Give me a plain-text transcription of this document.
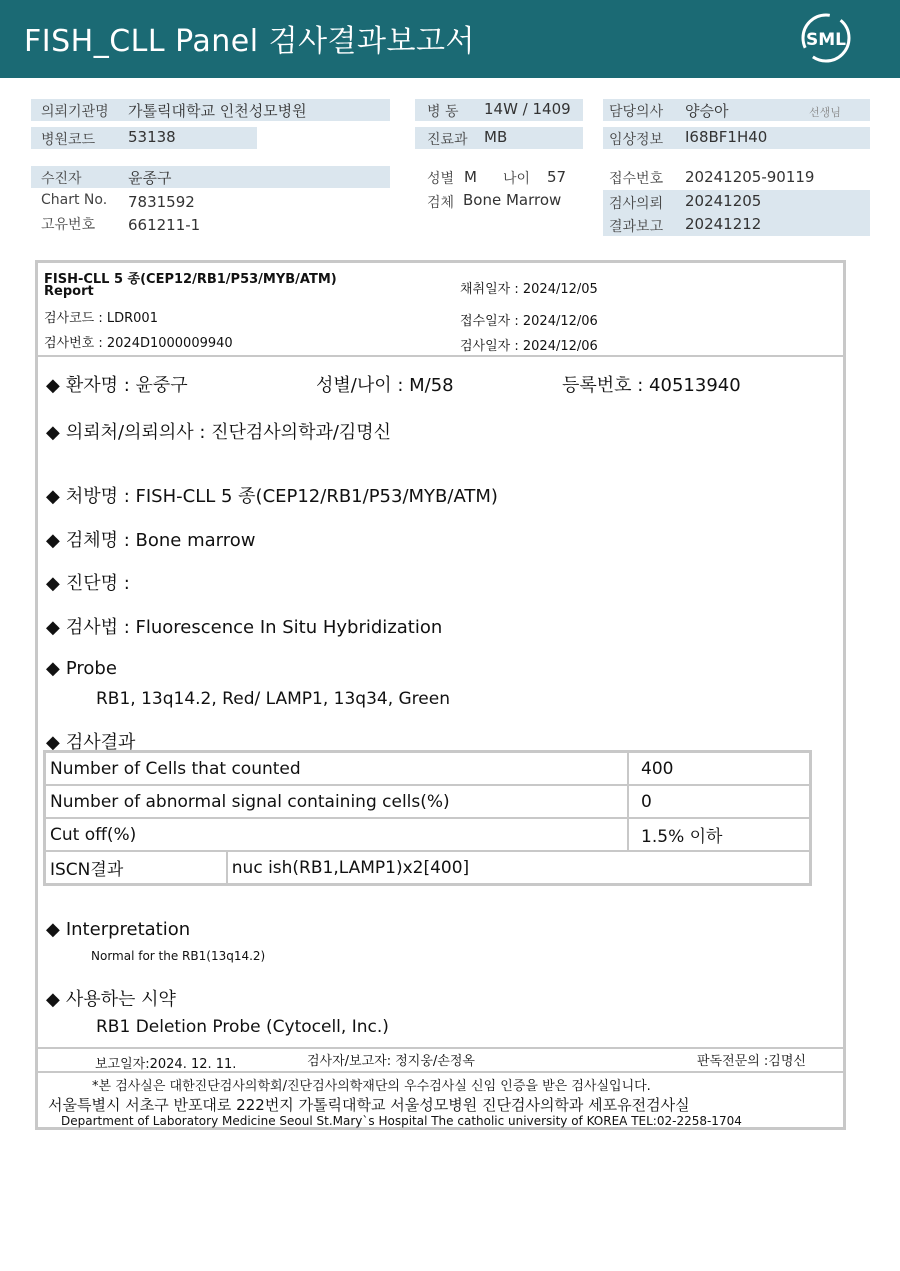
FISH_CLL Panel 검사결과보고서	SML
의뢰기관명 가톨릭대학교 인천성모병원
병원코드 53138
병 동 14W / 1409
진료과 MB
담당의사 양승아	선생님
임상정보 I68BF1H40
수진자	윤종구
Chart No. 7831592
고유번호 661211-1
성별 M 나이 57
검체 Bone Marrow
접수번호 20241205-90119
검사의뢰 20241205
결과보고 20241212
FISH-CLL 5 종(CEP12/RB1/P53/MYB/ATM)
Report
검사코드 : LDR001
검사번호 : 2024D1000009940
채취일자 : 2024/12/05
접수일자 : 2024/12/06
검사일자 : 2024/12/06
◆ 환자명 : 윤중구	성별/나이 : M/58	등록번호 : 40513940
◆ 의뢰처/의뢰의사 : 진단검사의학과/김명신
◆ 처방명 : FISH-CLL 5 종(CEP12/RB1/P53/MYB/ATM)
◆ 검체명 : Bone marrow
◆ 진단명 :
◆ 검사법 : Fluorescence In Situ Hybridization
◆ Probe
RB1, 13q14.2, Red/ LAMP1, 13q34, Green
◆ 검사결과
Number of Cells that counted		400
Number of abnormal signal containing cells(%)		0
Cut off(%)		1.5% 이하
ISCN결과	nuc ish(RB1,LAMP1)x2[400]	
◆ Interpretation
Normal for the RB1(13q14.2)
◆ 사용하는 시약
RB1 Deletion Probe (Cytocell, Inc.)
보고일자:2024. 12. 11.	검사자/보고자: 정지웅/손정옥	판독전문의 :김명신
*본 검사실은 대한진단검사의학회/진단검사의학재단의 우수검사실 신임 인증을 받은 검사실입니다.
서울특별시 서초구 반포대로 222번지 가톨릭대학교 서울성모병원 진단검사의학과 세포유전검사실
Department of Laboratory Medicine Seoul St.Mary`s Hospital The catholic university of KOREA TEL:02-2258-1704
